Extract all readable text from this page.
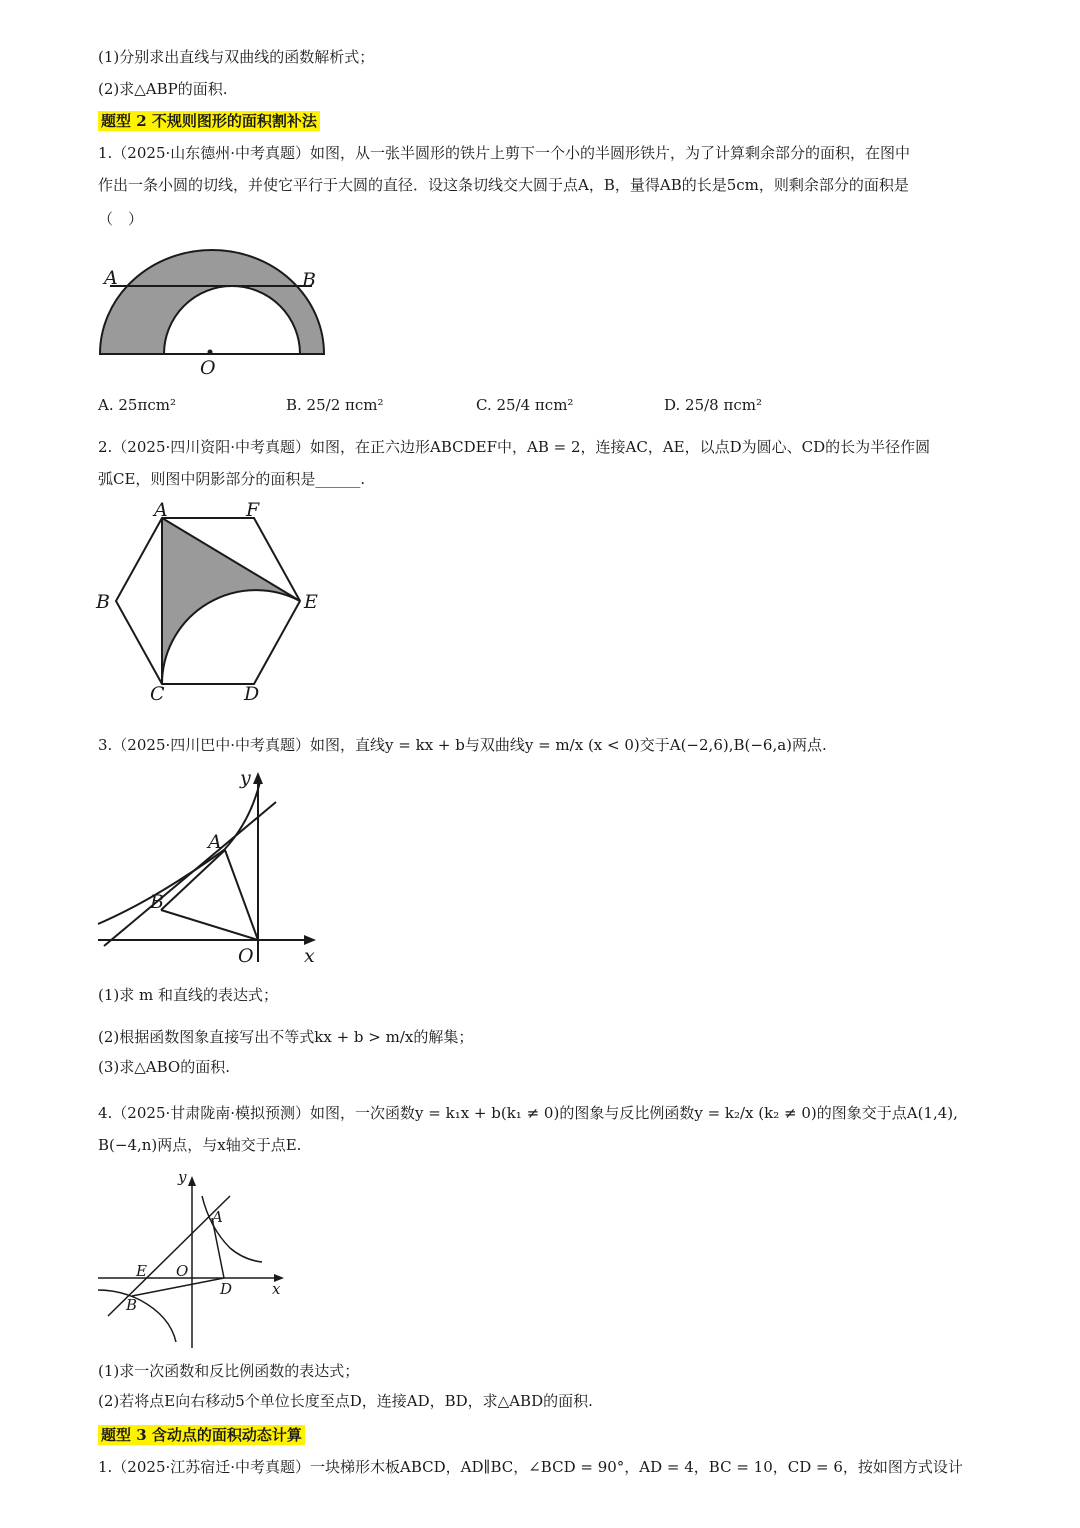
(1)分别求出直线与双曲线的函数解析式；
(2)求△ABP的面积.
题型 2 不规则图形的面积割补法
1.（2025·山东德州·中考真题）如图，从一张半圆形的铁片上剪下一个小的半圆形铁片，为了计算剩余部分的面积，在图中
作出一条小圆的切线，并使它平行于大圆的直径．设这条切线交大圆于点A，B，量得AB的长是5cm，则剩余部分的面积是
（　）
A	B
O
A. 25πcm²	B. 25/2 πcm²	C. 25/4 πcm²	D. 25/8 πcm²
2.（2025·四川资阳·中考真题）如图，在正六边形ABCDEF中，AB = 2，连接AC，AE，以点D为圆心、CD的长为半径作圆
弧CE，则图中阴影部分的面积是______.
A	F
B	E
C	D
3.（2025·四川巴中·中考真题）如图，直线y = kx + b与双曲线y = m/x (x < 0)交于A(−2,6),B(−6,a)两点.
y
A
B
O	x
(1)求 m 和直线的表达式；
(2)根据函数图象直接写出不等式kx + b > m/x的解集；
(3)求△ABO的面积.
4.（2025·甘肃陇南·模拟预测）如图，一次函数y = k₁x + b(k₁ ≠ 0)的图象与反比例函数y = k₂/x (k₂ ≠ 0)的图象交于点A(1,4),
B(−4,n)两点，与x轴交于点E.
y
A
E O
D	x
B
(1)求一次函数和反比例函数的表达式；
(2)若将点E向右移动5个单位长度至点D，连接AD，BD，求△ABD的面积.
题型 3 含动点的面积动态计算
1.（2025·江苏宿迁·中考真题）一块梯形木板ABCD，AD∥BC，∠BCD = 90°，AD = 4，BC = 10，CD = 6，按如图方式设计
